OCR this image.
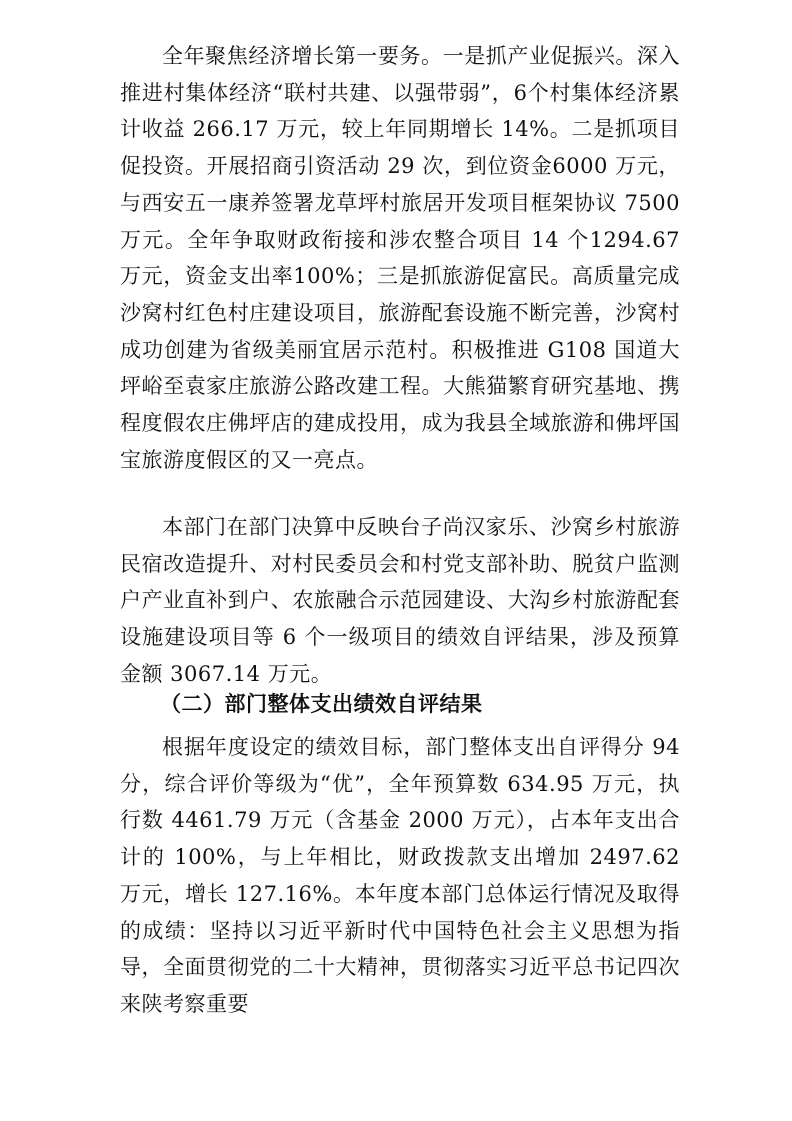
全年聚焦经济增长第一要务。一是抓产业促振兴。深入推进村集体经济“联村共建、以强带弱”，6个村集体经济累计收益 266.17 万元，较上年同期增长 14%。二是抓项目促投资。开展招商引资活动 29 次，到位资金6000 万元，与西安五一康养签署龙草坪村旅居开发项目框架协议 7500 万元。全年争取财政衔接和涉农整合项目 14 个1294.67万元，资金支出率100%；三是抓旅游促富民。高质量完成沙窝村红色村庄建设项目，旅游配套设施不断完善，沙窝村成功创建为省级美丽宜居示范村。积极推进 G108 国道大坪峪至袁家庄旅游公路改建工程。大熊猫繁育研究基地、携程度假农庄佛坪店的建成投用，成为我县全域旅游和佛坪国宝旅游度假区的又一亮点。

本部门在部门决算中反映台子尚汉家乐、沙窝乡村旅游民宿改造提升、对村民委员会和村党支部补助、脱贫户监测户产业直补到户、农旅融合示范园建设、大沟乡村旅游配套设施建设项目等 6 个一级项目的绩效自评结果，涉及预算金额 3067.14 万元。

（二）部门整体支出绩效自评结果

根据年度设定的绩效目标，部门整体支出自评得分 94 分，综合评价等级为“优”，全年预算数 634.95 万元，执行数 4461.79 万元（含基金 2000 万元），占本年支出合计的 100%，与上年相比，财政拨款支出增加 2497.62 万元，增长 127.16%。本年度本部门总体运行情况及取得的成绩：坚持以习近平新时代中国特色社会主义思想为指导，全面贯彻党的二十大精神，贯彻落实习近平总书记四次来陕考察重要
